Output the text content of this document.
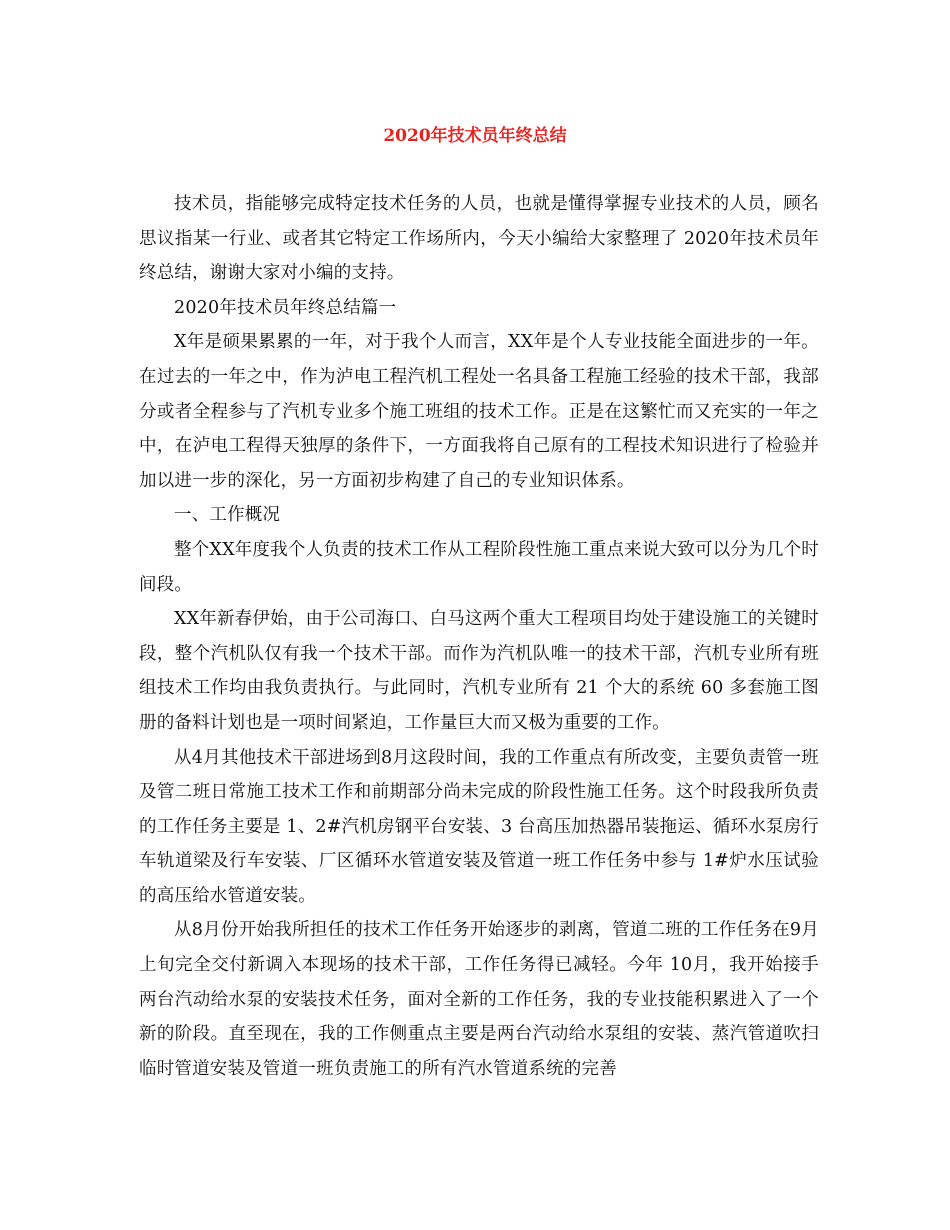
2020年技术员年终总结

技术员，指能够完成特定技术任务的人员，也就是懂得掌握专业技术的人员，顾名思议指某一行业、或者其它特定工作场所内，今天小编给大家整理了 2020年技术员年终总结，谢谢大家对小编的支持。

2020年技术员年终总结篇一

X年是硕果累累的一年，对于我个人而言，XX年是个人专业技能全面进步的一年。在过去的一年之中，作为泸电工程汽机工程处一名具备工程施工经验的技术干部，我部分或者全程参与了汽机专业多个施工班组的技术工作。正是在这繁忙而又充实的一年之中，在泸电工程得天独厚的条件下，一方面我将自己原有的工程技术知识进行了检验并加以进一步的深化，另一方面初步构建了自己的专业知识体系。

一、工作概况

整个XX年度我个人负责的技术工作从工程阶段性施工重点来说大致可以分为几个时间段。

XX年新春伊始，由于公司海口、白马这两个重大工程项目均处于建设施工的关键时段，整个汽机队仅有我一个技术干部。而作为汽机队唯一的技术干部，汽机专业所有班组技术工作均由我负责执行。与此同时，汽机专业所有 21 个大的系统 60 多套施工图册的备料计划也是一项时间紧迫，工作量巨大而又极为重要的工作。

从4月其他技术干部进场到8月这段时间，我的工作重点有所改变，主要负责管一班及管二班日常施工技术工作和前期部分尚未完成的阶段性施工任务。这个时段我所负责的工作任务主要是 1、2#汽机房钢平台安装、3 台高压加热器吊装拖运、循环水泵房行车轨道梁及行车安装、厂区循环水管道安装及管道一班工作任务中参与 1#炉水压试验的高压给水管道安装。

从8月份开始我所担任的技术工作任务开始逐步的剥离，管道二班的工作任务在9月上旬完全交付新调入本现场的技术干部，工作任务得已减轻。今年 10月，我开始接手两台汽动给水泵的安装技术任务，面对全新的工作任务，我的专业技能积累进入了一个新的阶段。直至现在，我的工作侧重点主要是两台汽动给水泵组的安装、蒸汽管道吹扫临时管道安装及管道一班负责施工的所有汽水管道系统的完善
